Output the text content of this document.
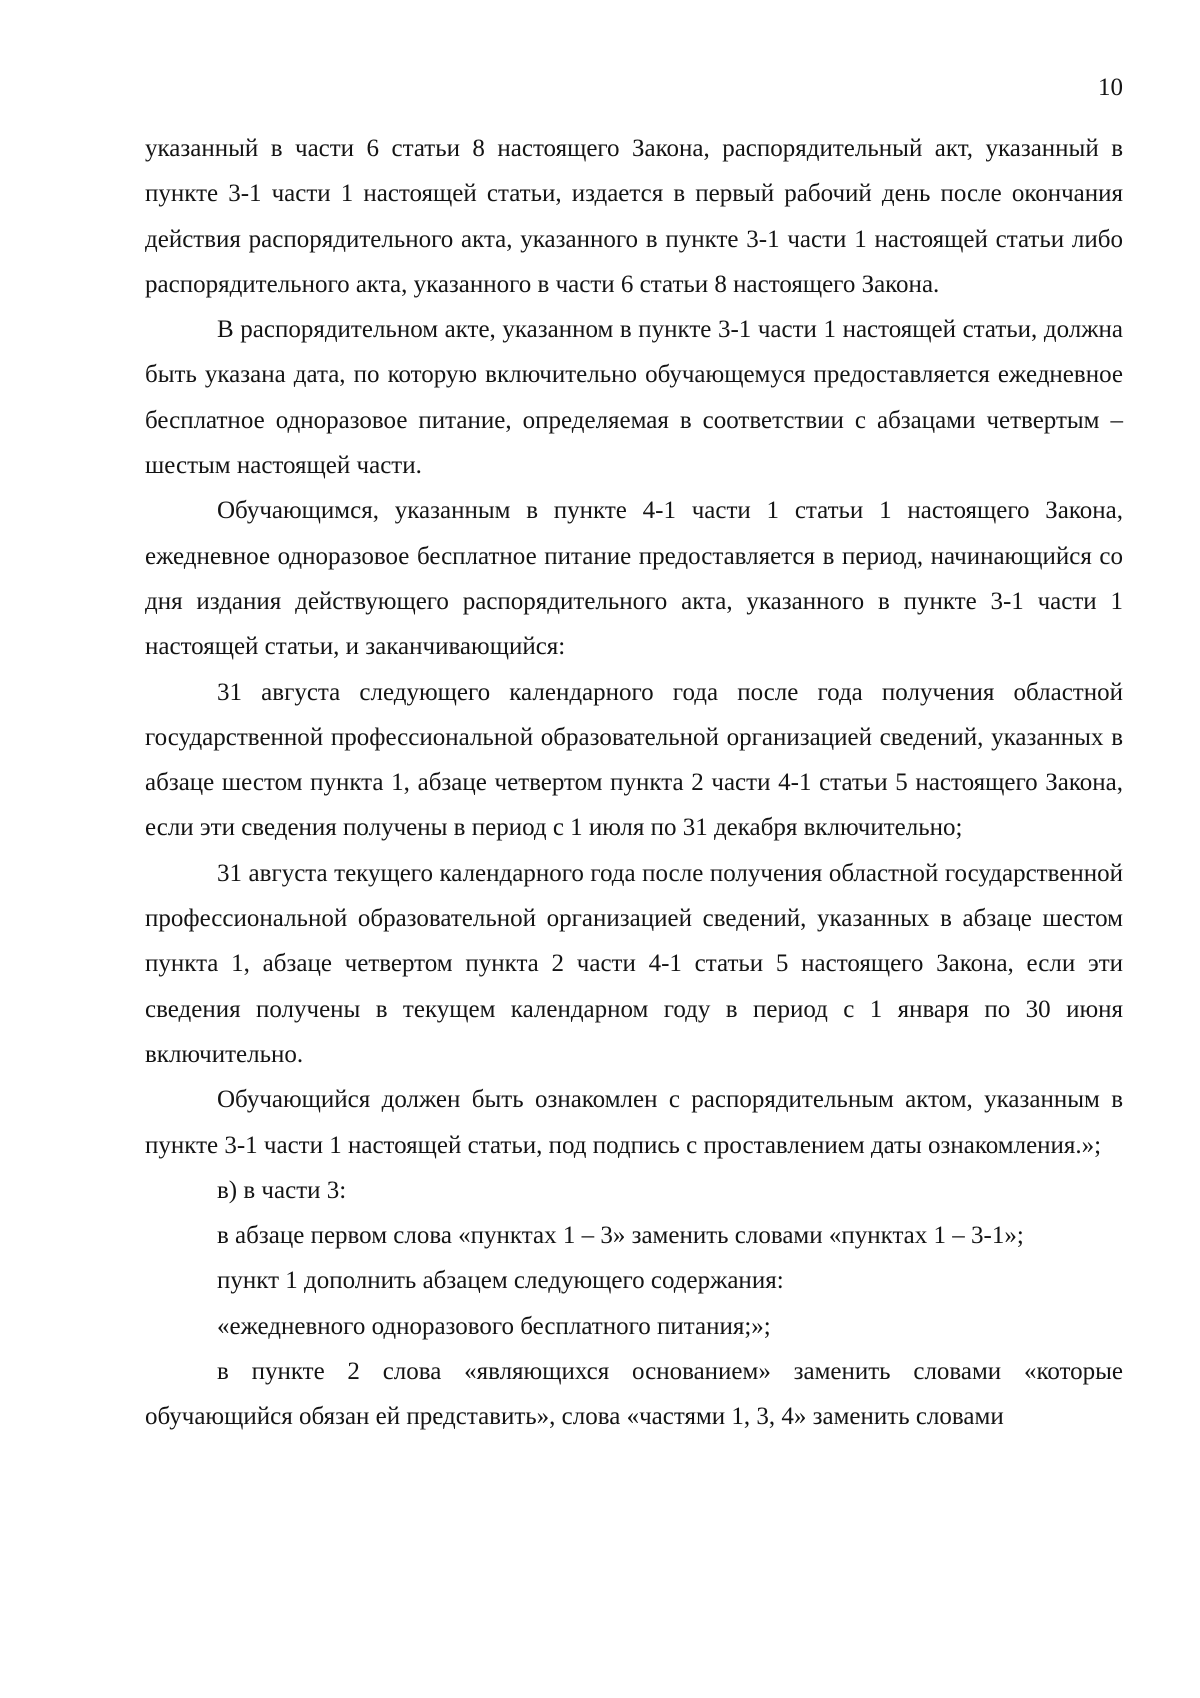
10

указанный в части 6 статьи 8 настоящего Закона, распорядительный акт, указанный в пункте 3-1 части 1 настоящей статьи, издается в первый рабочий день после окончания действия распорядительного акта, указанного в пункте 3-1 части 1 настоящей статьи либо распорядительного акта, указанного в части 6 статьи 8 настоящего Закона.

В распорядительном акте, указанном в пункте 3-1 части 1 настоящей статьи, должна быть указана дата, по которую включительно обучающемуся предоставляется ежедневное бесплатное одноразовое питание, определяемая в соответствии с абзацами четвертым – шестым настоящей части.

Обучающимся, указанным в пункте 4-1 части 1 статьи 1 настоящего Закона, ежедневное одноразовое бесплатное питание предоставляется в период, начинающийся со дня издания действующего распорядительного акта, указанного в пункте 3-1 части 1 настоящей статьи, и заканчивающийся:

31 августа следующего календарного года после года получения областной государственной профессиональной образовательной организацией сведений, указанных в абзаце шестом пункта 1, абзаце четвертом пункта 2 части 4-1 статьи 5 настоящего Закона, если эти сведения получены в период с 1 июля по 31 декабря включительно;

31 августа текущего календарного года после получения областной государственной профессиональной образовательной организацией сведений, указанных в абзаце шестом пункта 1, абзаце четвертом пункта 2 части 4-1 статьи 5 настоящего Закона, если эти сведения получены в текущем календарном году в период с 1 января по 30 июня включительно.

Обучающийся должен быть ознакомлен с распорядительным актом, указанным в пункте 3-1 части 1 настоящей статьи, под подпись с проставлением даты ознакомления.»;

в) в части 3:

в абзаце первом слова «пунктах 1 – 3» заменить словами «пунктах 1 – 3-1»;

пункт 1 дополнить абзацем следующего содержания:

«ежедневного одноразового бесплатного питания;»;

в пункте 2 слова «являющихся основанием» заменить словами «которые обучающийся обязан ей представить», слова «частями 1, 3, 4» заменить словами
